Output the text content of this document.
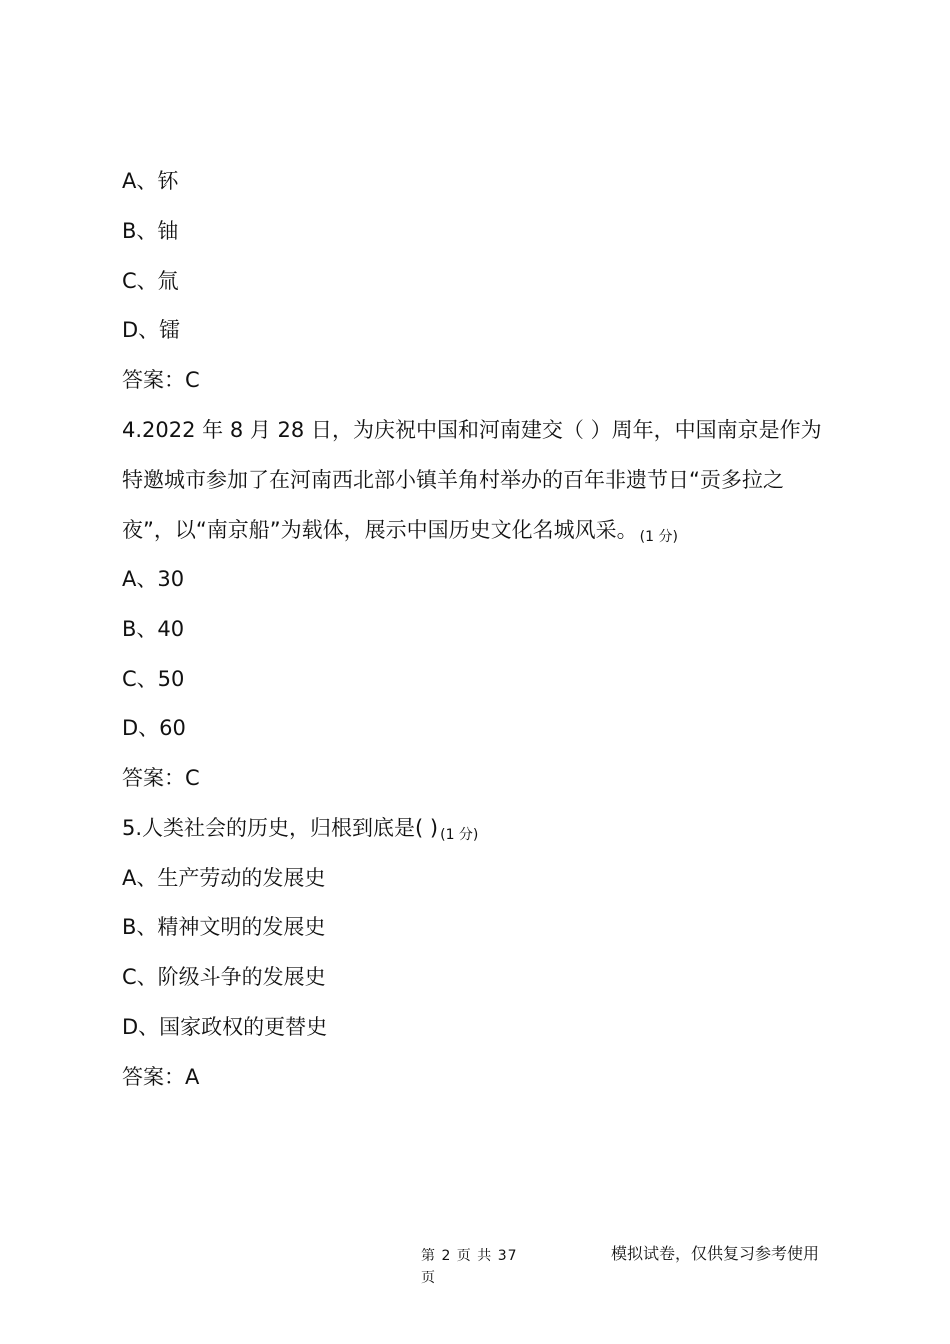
A、钚
B、铀
C、氚
D、镭
答案：C
4.2022 年 8 月 28 日，为庆祝中国和河南建交（ ）周年，中国南京是作为
特邀城市参加了在河南西北部小镇羊角村举办的百年非遗节日“贡多拉之
夜”，以“南京船”为载体，展示中国历史文化名城风采。 (1 分)
A、30
B、40
C、50
D、60
答案：C
5.人类社会的历史，归根到底是( ) (1 分)
A、生产劳动的发展史
B、精神文明的发展史
C、阶级斗争的发展史
D、国家政权的更替史
答案：A
第 2 页 共 37 页
模拟试卷，仅供复习参考使用
